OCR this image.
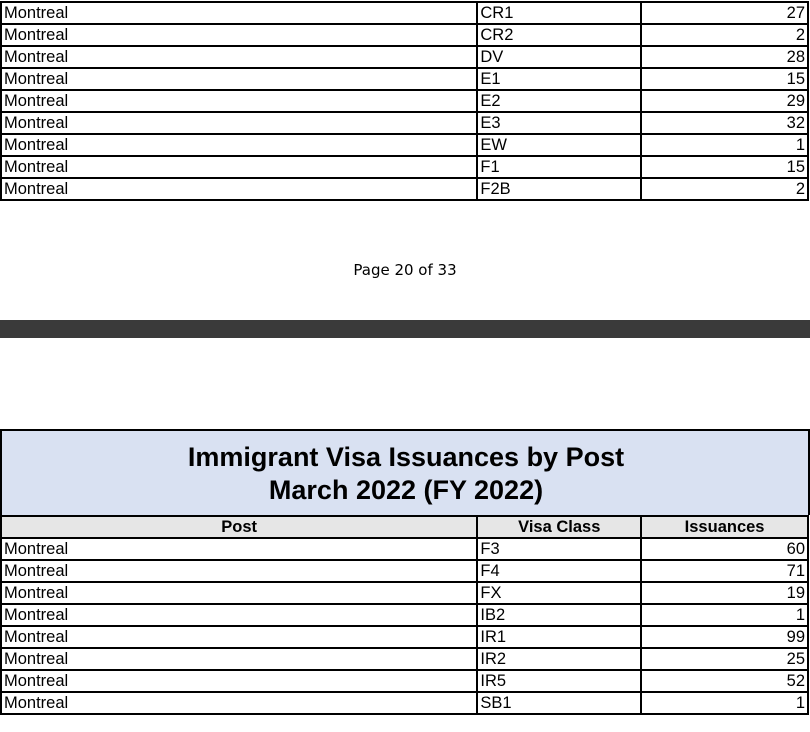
Montreal	CR1	27
Montreal	CR2	2
Montreal	DV	28
Montreal	E1	15
Montreal	E2	29
Montreal	E3	32
Montreal	EW	1
Montreal	F1	15
Montreal	F2B	2
Page 20 of 33
Immigrant Visa Issuances by Post
March 2022 (FY 2022)
Post	Visa Class	Issuances
Montreal	F3	60
Montreal	F4	71
Montreal	FX	19
Montreal	IB2	1
Montreal	IR1	99
Montreal	IR2	25
Montreal	IR5	52
Montreal	SB1	1
